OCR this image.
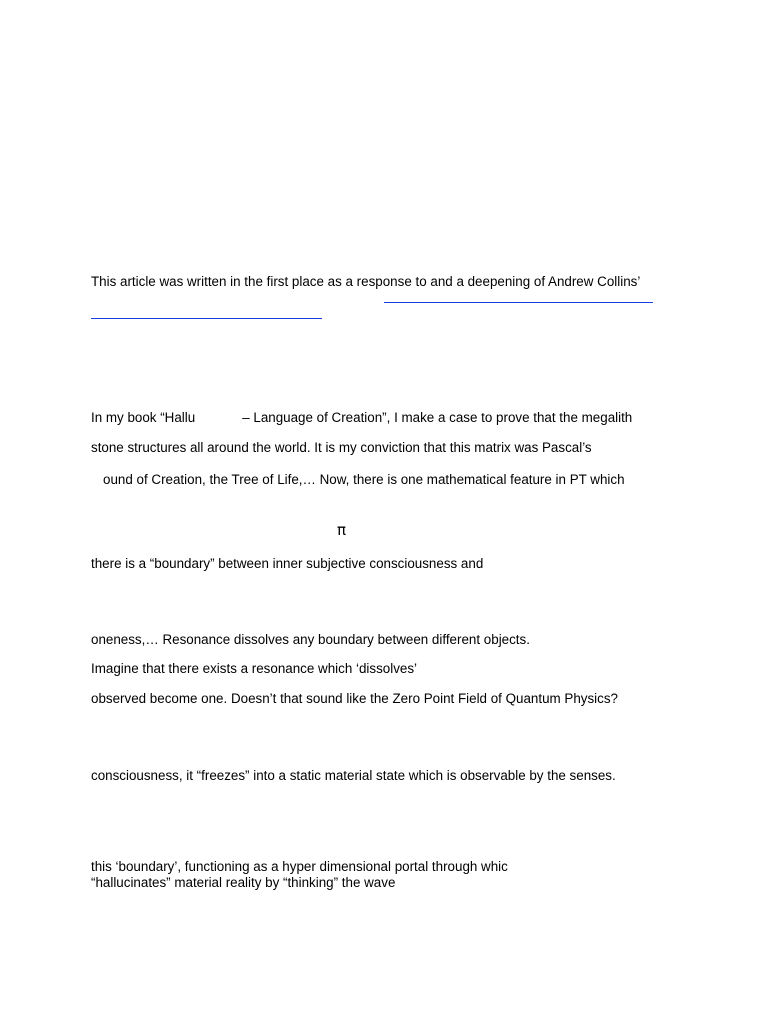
This article was written in the first place as a response to and a deepening of Andrew Collins’
In my book “Hallu	– Language of Creation”, I make a case to prove that the megalith
stone structures all around the world. It is my conviction that this matrix was Pascal’s
ound of Creation, the Tree of Life,… Now, there is one mathematical feature in PT which
π
there is a “boundary” between inner subjective consciousness and
oneness,… Resonance dissolves any boundary between different objects.
Imagine that there exists a resonance which ‘dissolves’
observed become one. Doesn’t that sound like the Zero Point Field of Quantum Physics?
consciousness, it “freezes” into a static material state which is observable by the senses.
this ‘boundary’, functioning as a hyper dimensional portal through whic
“hallucinates” material reality by “thinking” the wave
